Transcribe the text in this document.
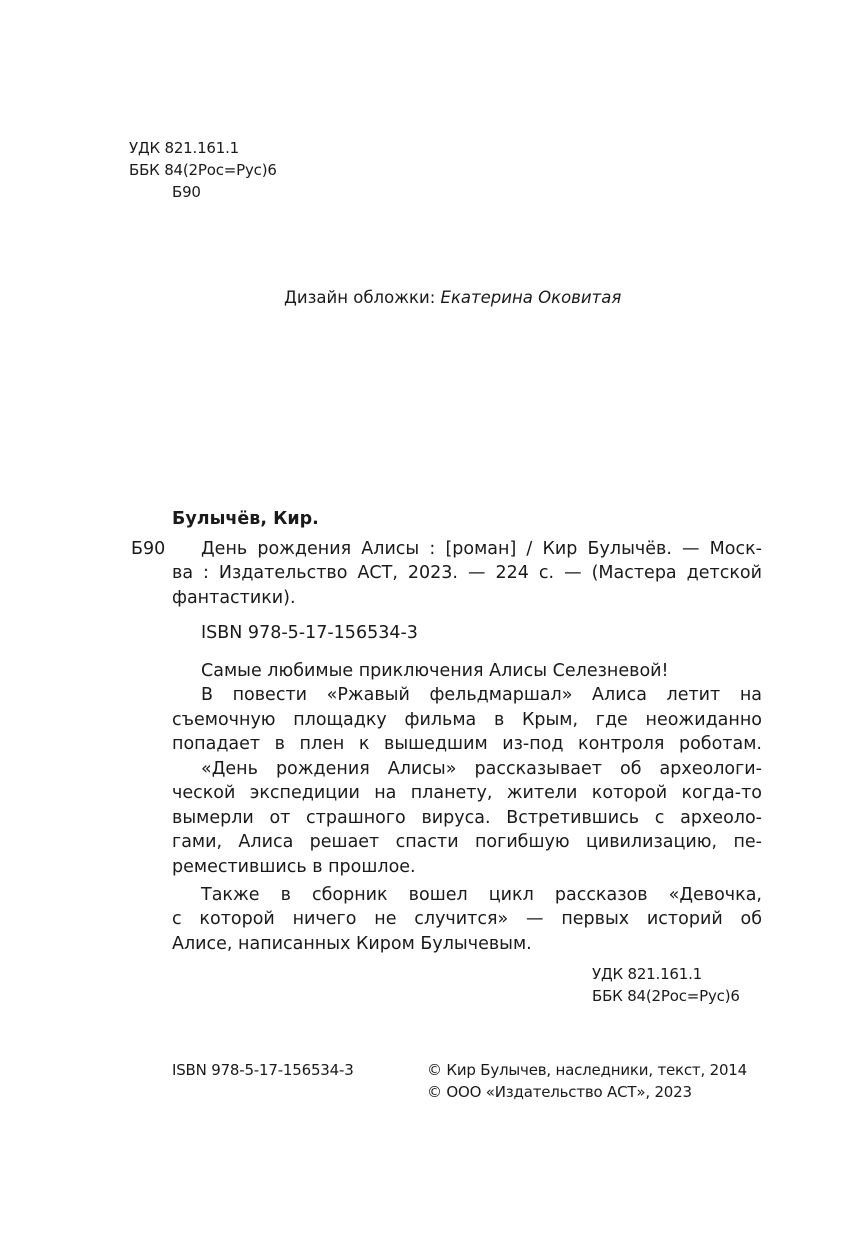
УДК 821.161.1
ББК 84(2Рос=Рус)6
Б90
Дизайн обложки: Екатерина Оковитая
Булычёв, Кир.
Б90 День рождения Алисы : [роман] / Кир Булычёв. — Моск-
ва : Издательство АСТ, 2023. — 224 с. — (Мастера детской
фантастики).
ISBN 978-5-17-156534-3
Самые любимые приключения Алисы Селезневой!
В повести «Ржавый фельдмаршал» Алиса летит на
съемочную площадку фильма в Крым, где неожиданно
попадает в плен к вышедшим из-под контроля роботам.
«День рождения Алисы» рассказывает об археологи-
ческой экспедиции на планету, жители которой когда-то
вымерли от страшного вируса. Встретившись с археоло-
гами, Алиса решает спасти погибшую цивилизацию, пе-
реместившись в прошлое.
Также в сборник вошел цикл рассказов «Девочка,
с которой ничего не случится» — первых историй об
Алисе, написанных Киром Булычевым.
УДК 821.161.1
ББК 84(2Рос=Рус)6
ISBN 978-5-17-156534-3	© Кир Булычев, наследники, текст, 2014
© ООО «Издательство АСТ», 2023
